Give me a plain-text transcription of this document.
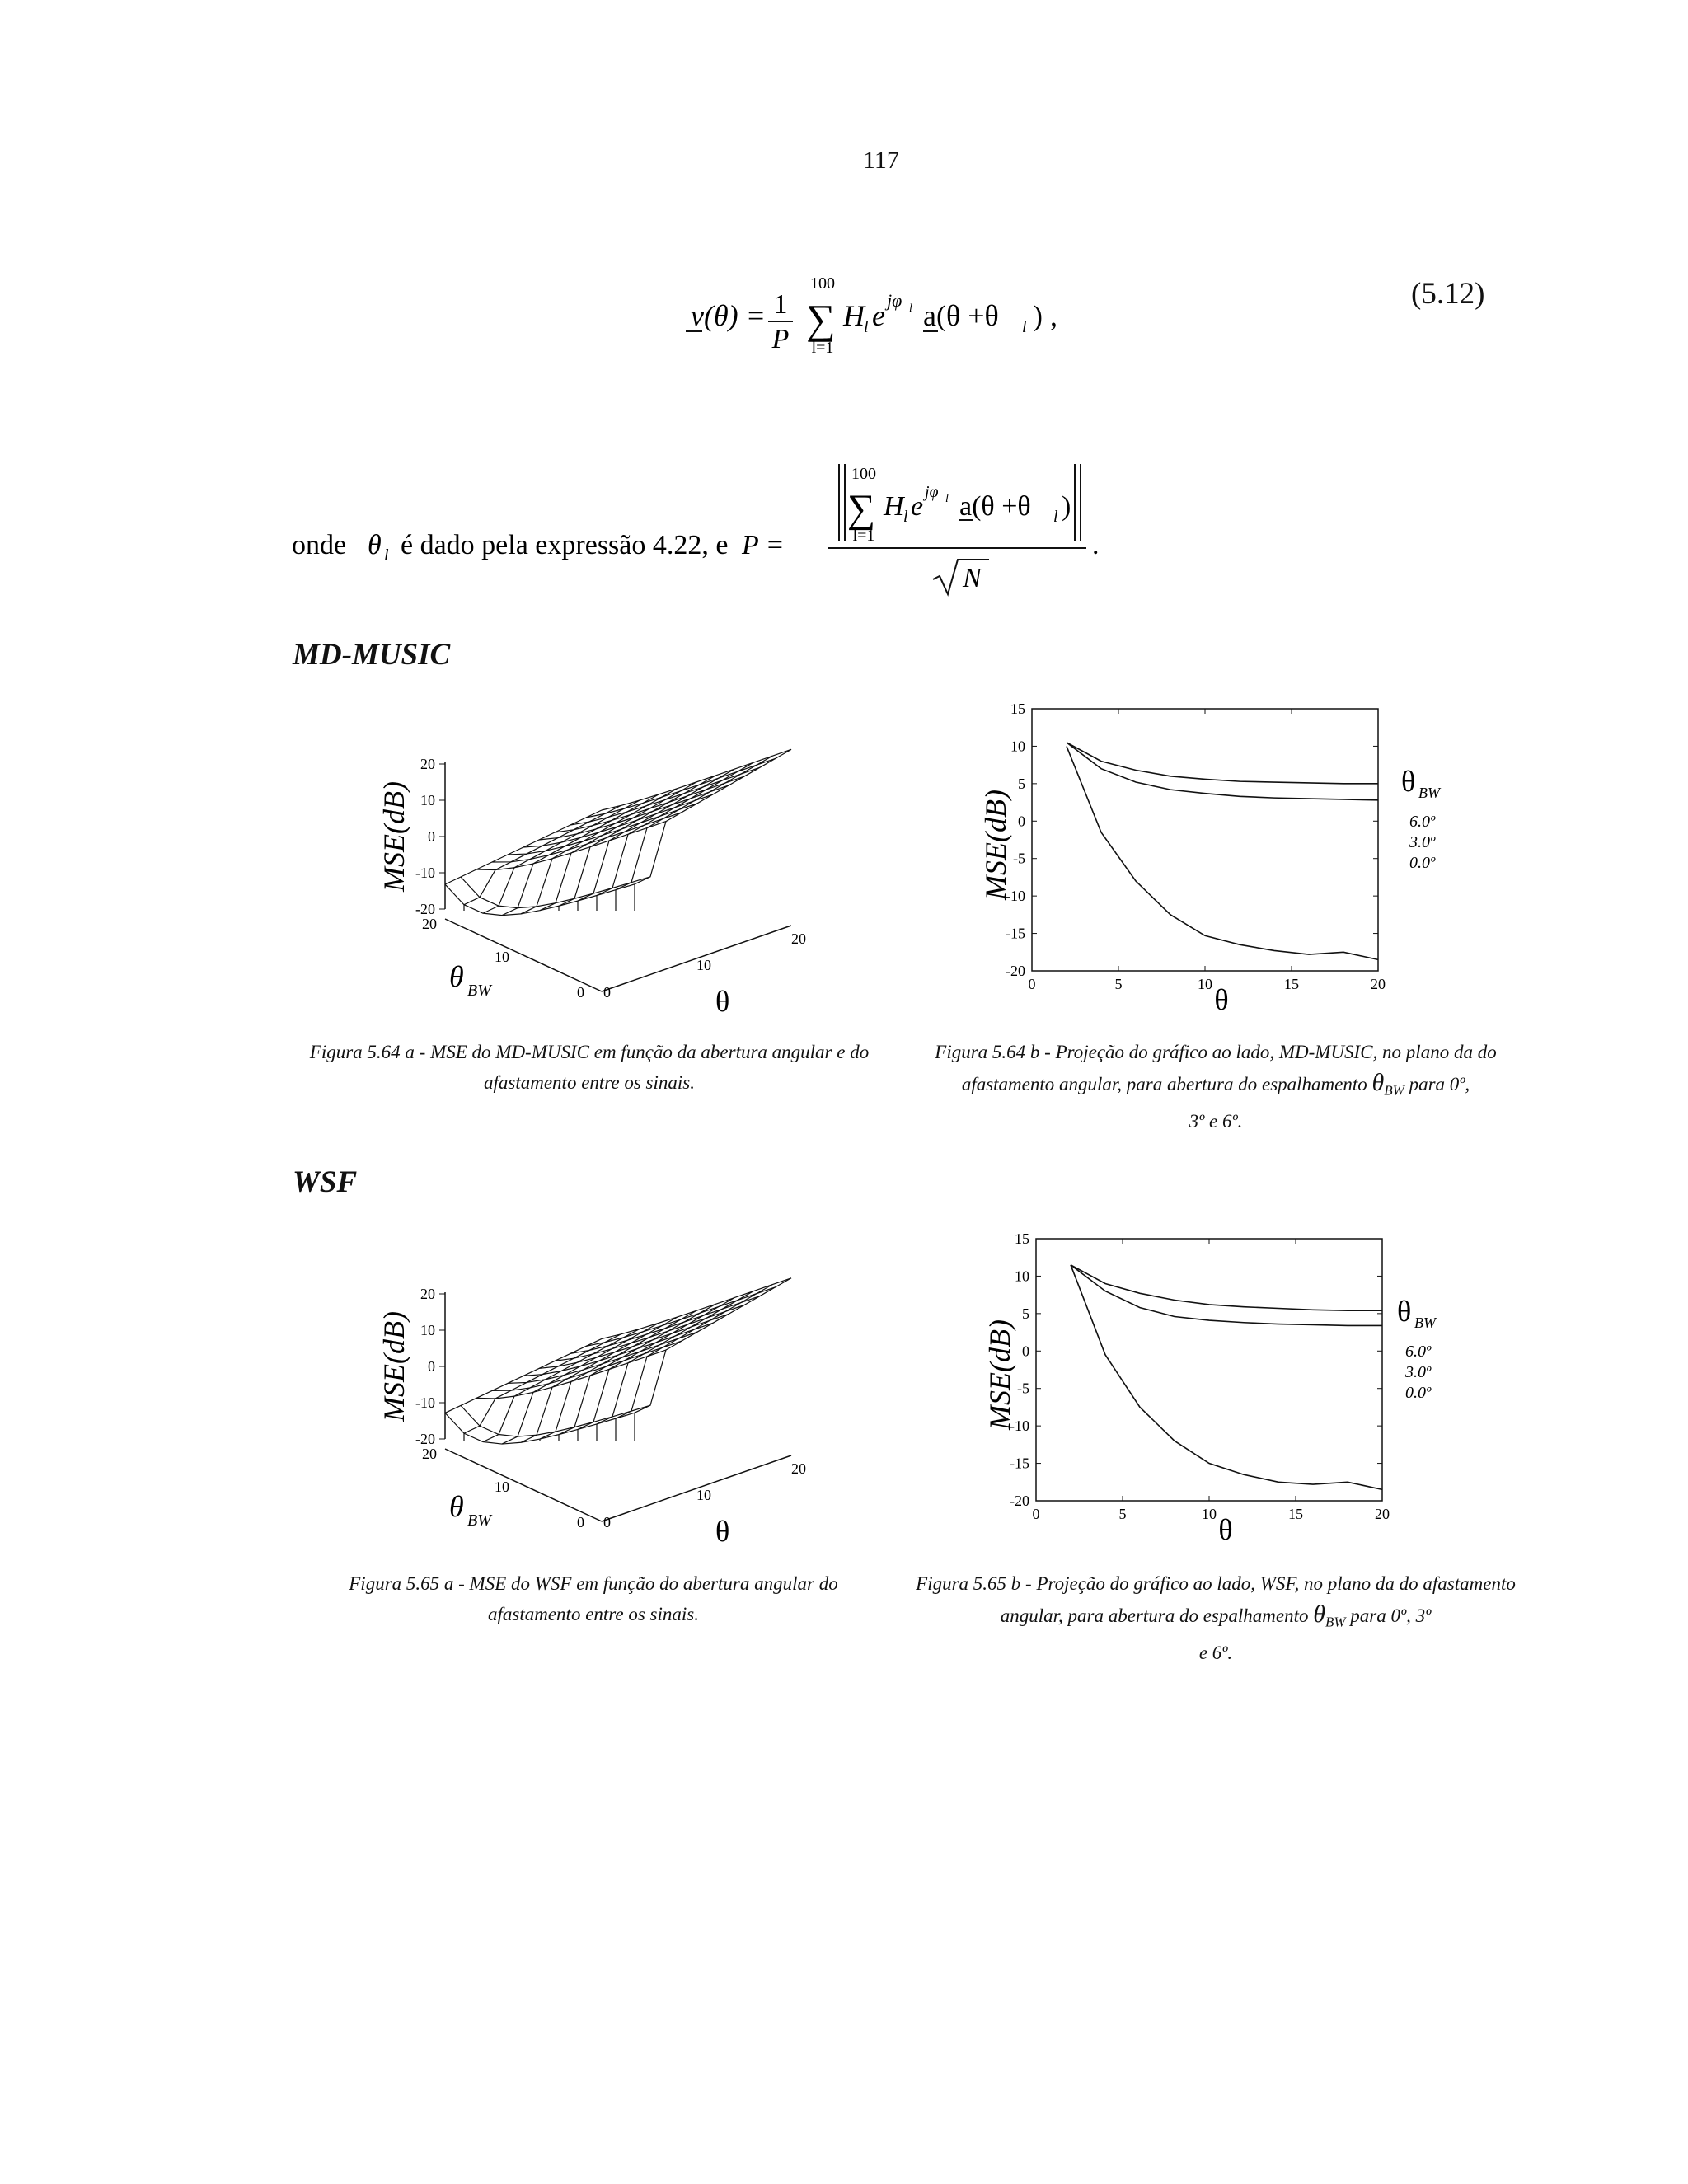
117
v(θ) = 1
P
100
∑
l=1
H l e jφ l a(θ +θ l ) ,
(5.12)
onde θ l é dado pela expressão 4.22, e P =
100
∑
l=1
H l e jφ l a(θ +θ l )
N
.
MD-MUSIC
20
10
0
-10
-20
MSE(dB)
20
10
0 0
10
20
θ BW	θ
MSE(dB)
θ
θ BW
6.0º
3.0º
0.0º
15
10
5
0
-5
-10
-15
-20
0	5	10	15	20
Figura 5.64 a - MSE do MD-MUSIC em função da abertura angular e do afastamento entre os sinais.
Figura 5.64 b - Projeção do gráfico ao lado, MD-MUSIC, no plano da do afastamento angular, para abertura do espalhamento $\theta_{BW}$ para 0º,
3º e 6º.
WSF
20
10
0
-10
-20
MSE(dB)
20
10
0 0
10
20
θ BW	θ
MSE(dB)
θ
θ BW
6.0º
3.0º
0.0º
15
10
5
0
-5
-10
-15
-20
0	5	10	15	20
Figura 5.65 a - MSE do WSF em função do abertura angular do afastamento entre os sinais.
Figura 5.65 b - Projeção do gráfico ao lado, WSF, no plano da do afastamento angular, para abertura do espalhamento $\theta_{BW}$ para 0º, 3º
e 6º.
